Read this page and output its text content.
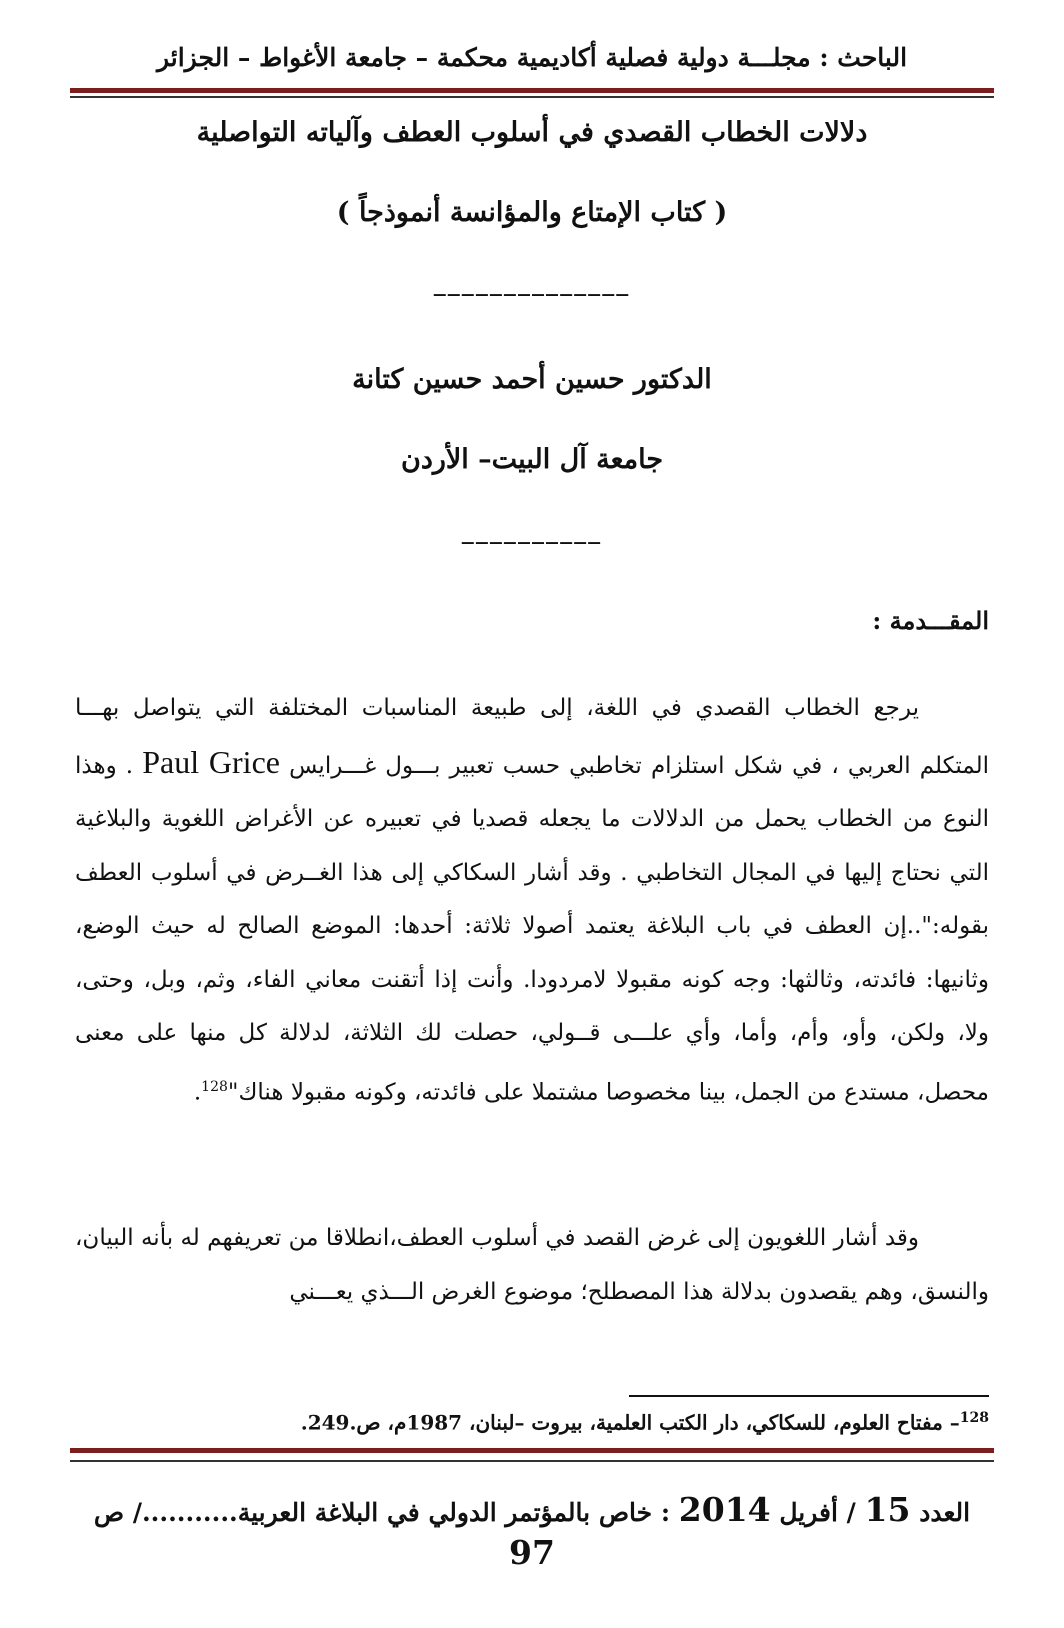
الباحث : مجلـــة دولية فصلية أكاديمية محكمة – جامعة الأغواط – الجزائر
دلالات الخطاب القصدي في أسلوب العطف وآلياته التواصلية
( كتاب الإمتاع والمؤانسة أنموذجاً )
______________
الدكتور حسين أحمد حسين كتانة
جامعة آل البيت– الأردن
__________
المقـــدمة :
يرجع الخطاب القصدي في اللغة، إلى طبيعة المناسبات المختلفة التي يتواصل بهـــا المتكلم العربي ، في شكل استلزام تخاطبي حسب تعبير بـــول غـــرايس Paul Grice . وهذا النوع من الخطاب يحمل من الدلالات ما يجعله قصديا في تعبيره عن الأغراض اللغوية والبلاغية التي نحتاج إليها في المجال التخاطبي . وقد أشار السكاكي إلى هذا الغــرض في أسلوب العطف بقوله:"..إن العطف في باب البلاغة يعتمد أصولا ثلاثة: أحدها: الموضع الصالح له حيث الوضع، وثانيها: فائدته، وثالثها: وجه كونه مقبولا لامردودا. وأنت إذا أتقنت معاني الفاء، وثم، وبل، وحتى، ولا، ولكن، وأو، وأم، وأما، وأي علـــى قــولي، حصلت لك الثلاثة، لدلالة كل منها على معنى محصل، مستدع من الجمل، بينا مخصوصا مشتملا على فائدته، وكونه مقبولا هناك"$^{128}$.
وقد أشار اللغويون إلى غرض القصد في أسلوب العطف،انطلاقا من تعريفهم له بأنه البيان، والنسق، وهم يقصدون بدلالة هذا المصطلح؛ موضوع الغرض الـــذي يعـــني
$^{128}$– مفتاح العلوم، للسكاكي، دار الكتب العلمية، بيروت –لبنان، 1987م، ص.249.
العدد 15 / أفريل 2014 : خاص بالمؤتمر الدولي في البلاغة العربية.........../ ص 97
